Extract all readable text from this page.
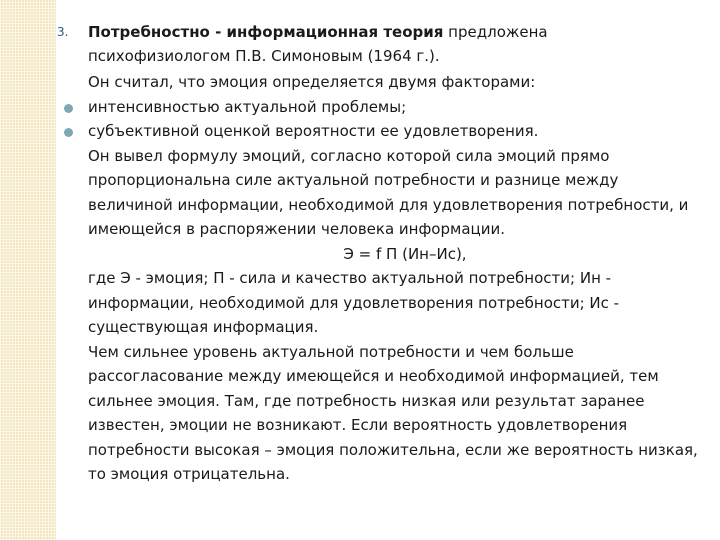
3. Потребностно - информационная теория предложена
психофизиологом П.В. Симоновым (1964 г.).

Он считал, что эмоция определяется двумя факторами:

интенсивностью актуальной проблемы;
субъективной оценкой вероятности ее удовлетворения.

Он вывел формулу эмоций, согласно которой сила эмоций прямо пропорциональна силе актуальной потребности и разнице между величиной информации, необходимой для удовлетворения потребности, и имеющейся в распоряжении человека информации.

Э = f П (Ин–Ис),

где Э - эмоция; П - сила и качество актуальной потребности; Ин - информации, необходимой для удовлетворения потребности; Ис - существующая информация.

Чем сильнее уровень актуальной потребности и чем больше рассогласование между имеющейся и необходимой информацией, тем сильнее эмоция. Там, где потребность низкая или результат заранее известен, эмоции не возникают. Если вероятность удовлетворения потребности высокая – эмоция положительна, если же вероятность низкая, то эмоция отрицательна.
